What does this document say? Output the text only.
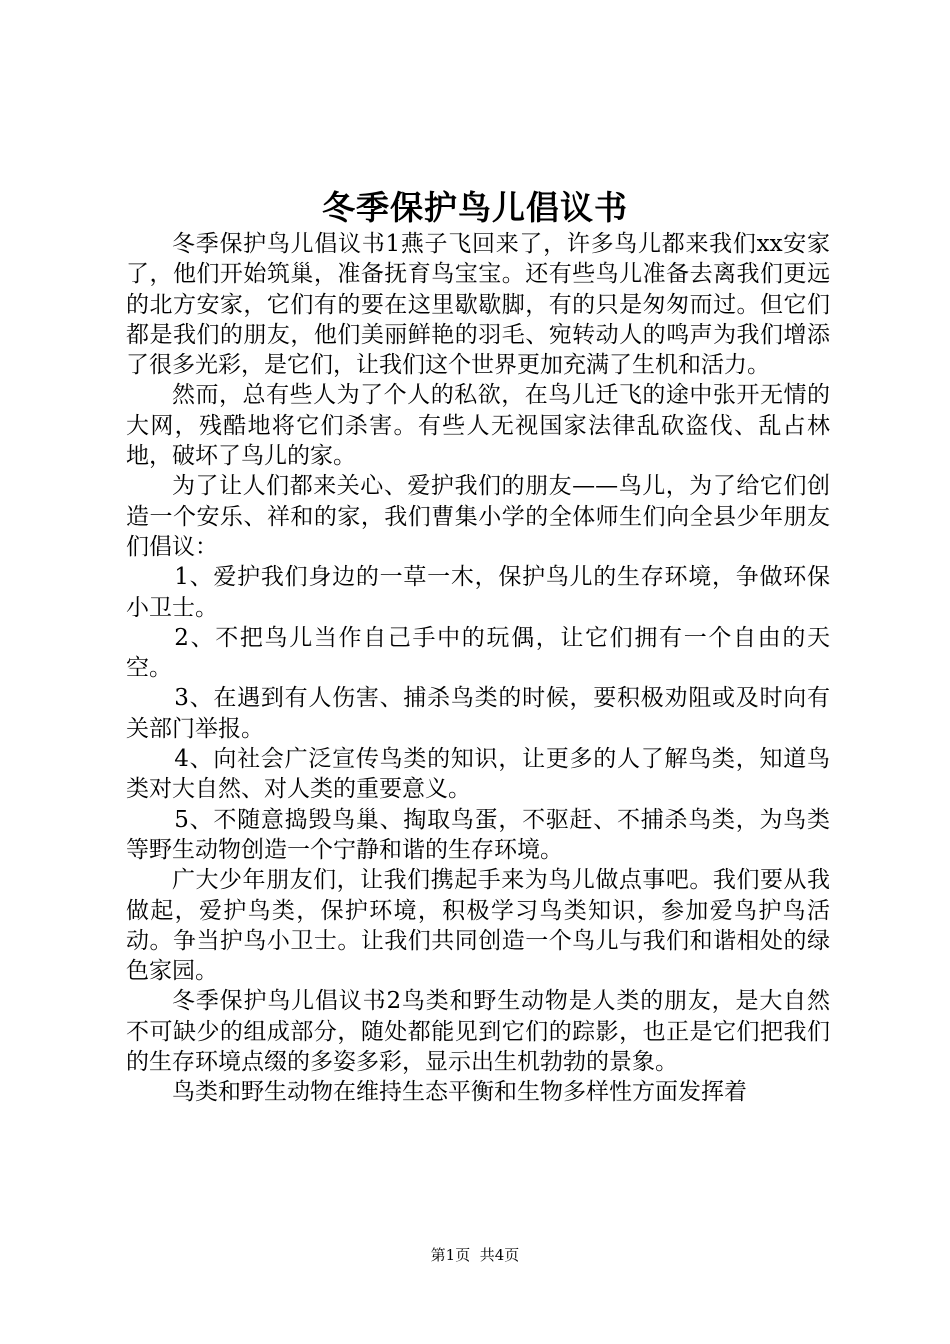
冬季保护鸟儿倡议书

冬季保护鸟儿倡议书1燕子飞回来了，许多鸟儿都来我们xx安家了，他们开始筑巢，准备抚育鸟宝宝。还有些鸟儿准备去离我们更远的北方安家，它们有的要在这里歇歇脚，有的只是匆匆而过。但它们都是我们的朋友，他们美丽鲜艳的羽毛、宛转动人的鸣声为我们增添了很多光彩，是它们，让我们这个世界更加充满了生机和活力。

然而，总有些人为了个人的私欲，在鸟儿迁飞的途中张开无情的大网，残酷地将它们杀害。有些人无视国家法律乱砍盗伐、乱占林地，破坏了鸟儿的家。

为了让人们都来关心、爱护我们的朋友——鸟儿，为了给它们创造一个安乐、祥和的家，我们曹集小学的全体师生们向全县少年朋友们倡议：

1、爱护我们身边的一草一木，保护鸟儿的生存环境，争做环保小卫士。

2、不把鸟儿当作自己手中的玩偶，让它们拥有一个自由的天空。

3、在遇到有人伤害、捕杀鸟类的时候，要积极劝阻或及时向有关部门举报。

4、向社会广泛宣传鸟类的知识，让更多的人了解鸟类，知道鸟类对大自然、对人类的重要意义。

5、不随意捣毁鸟巢、掏取鸟蛋，不驱赶、不捕杀鸟类，为鸟类等野生动物创造一个宁静和谐的生存环境。

广大少年朋友们，让我们携起手来为鸟儿做点事吧。我们要从我做起，爱护鸟类，保护环境，积极学习鸟类知识，参加爱鸟护鸟活动。争当护鸟小卫士。让我们共同创造一个鸟儿与我们和谐相处的绿色家园。

冬季保护鸟儿倡议书2鸟类和野生动物是人类的朋友，是大自然不可缺少的组成部分，随处都能见到它们的踪影，也正是它们把我们的生存环境点缀的多姿多彩，显示出生机勃勃的景象。

鸟类和野生动物在维持生态平衡和生物多样性方面发挥着

第1页 共4页
